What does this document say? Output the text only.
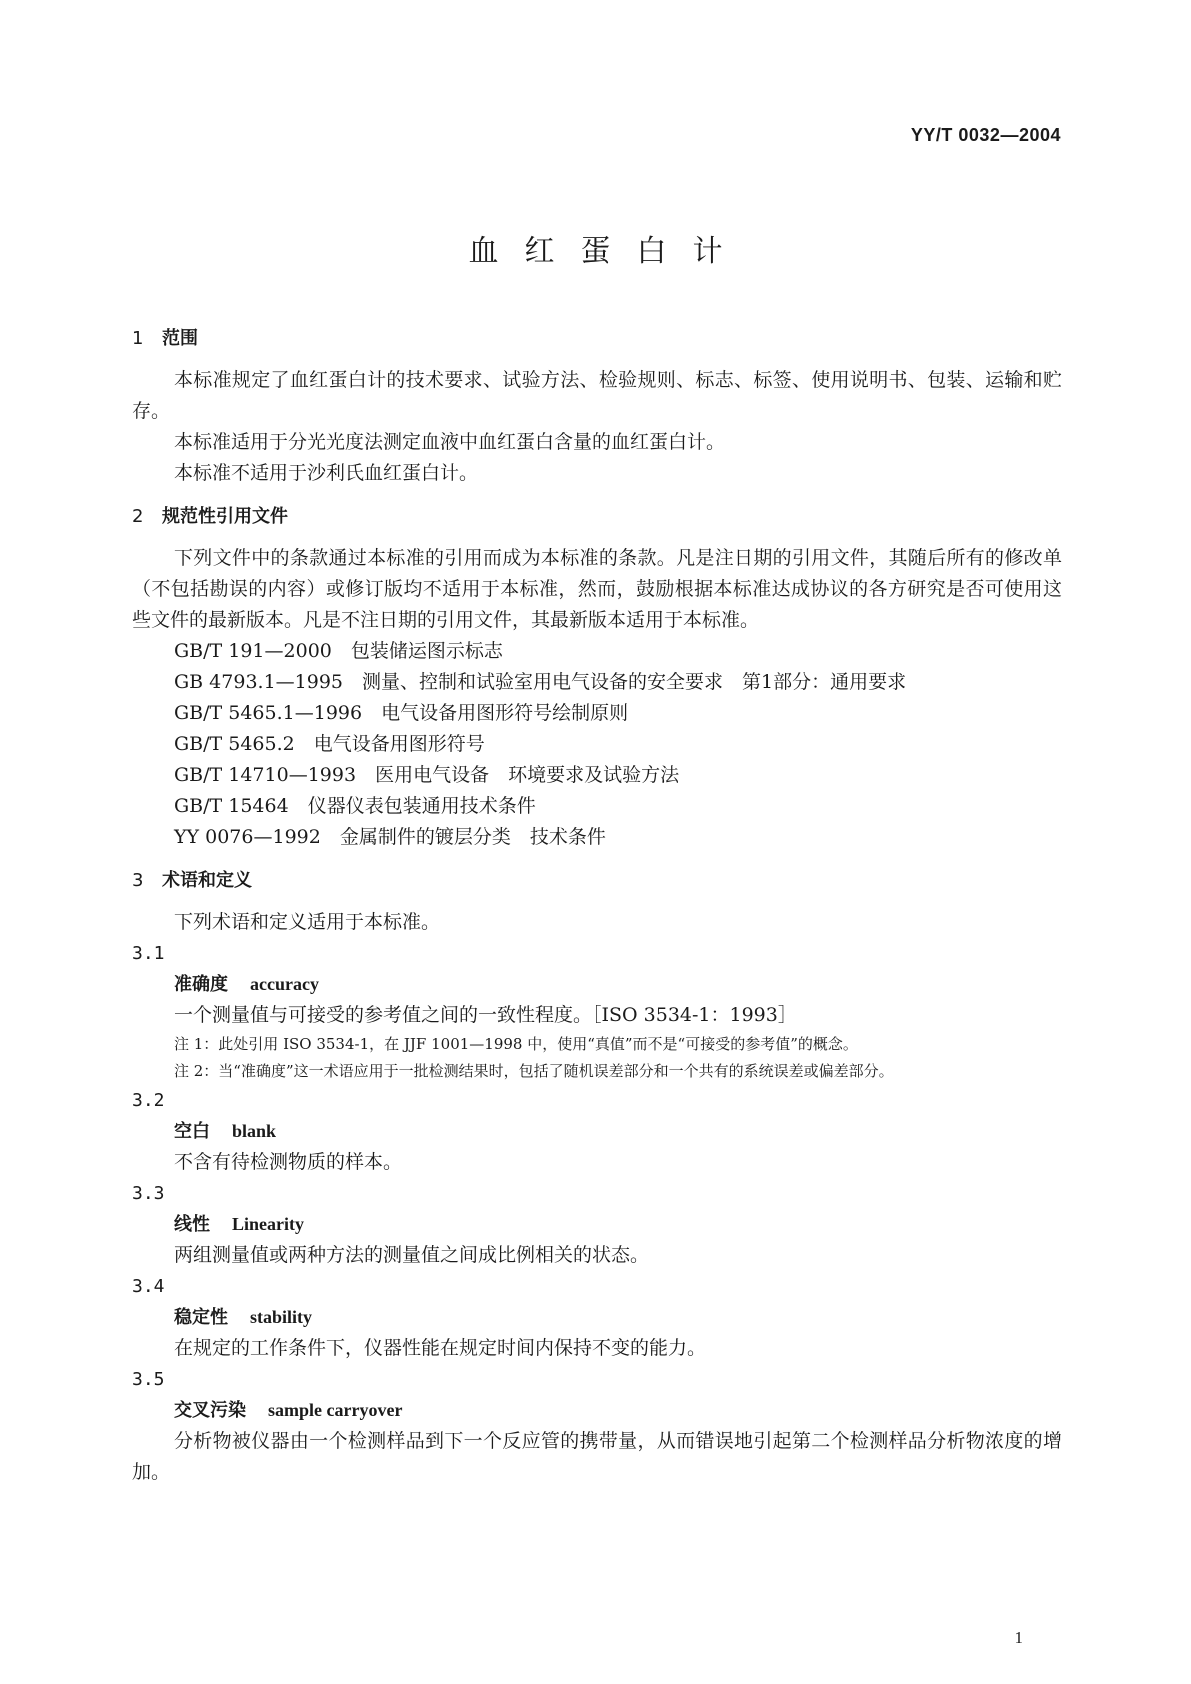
YY/T 0032—2004
血红蛋白计
1 范围

本标准规定了血红蛋白计的技术要求、试验方法、检验规则、标志、标签、使用说明书、包装、运输和贮存。

本标准适用于分光光度法测定血液中血红蛋白含量的血红蛋白计。

本标准不适用于沙利氏血红蛋白计。

2 规范性引用文件

下列文件中的条款通过本标准的引用而成为本标准的条款。凡是注日期的引用文件，其随后所有的修改单（不包括勘误的内容）或修订版均不适用于本标准，然而，鼓励根据本标准达成协议的各方研究是否可使用这些文件的最新版本。凡是不注日期的引用文件，其最新版本适用于本标准。

GB/T 191—2000　 包装储运图示标志
GB 4793.1—1995　 测量、控制和试验室用电气设备的安全要求　第1部分：通用要求
GB/T 5465.1—1996　 电气设备用图形符号绘制原则
GB/T 5465.2　 电气设备用图形符号
GB/T 14710—1993　 医用电气设备　环境要求及试验方法
GB/T 15464　 仪器仪表包装通用技术条件
YY 0076—1992　 金属制件的镀层分类　技术条件
3 术语和定义

下列术语和定义适用于本标准。

3.1
准确度 accuracy
一个测量值与可接受的参考值之间的一致性程度。［ISO 3534-1：1993］
注 1：此处引用 ISO 3534-1，在 JJF 1001—1998 中，使用“真值”而不是“可接受的参考值”的概念。
注 2：当“准确度”这一术语应用于一批检测结果时，包括了随机误差部分和一个共有的系统误差或偏差部分。
3.2
空白 blank
不含有待检测物质的样本。
3.3
线性 Linearity
两组测量值或两种方法的测量值之间成比例相关的状态。
3.4
稳定性 stability
在规定的工作条件下，仪器性能在规定时间内保持不变的能力。
3.5
交叉污染 sample carryover
分析物被仪器由一个检测样品到下一个反应管的携带量，从而错误地引起第二个检测样品分析物浓度的增加。
1
